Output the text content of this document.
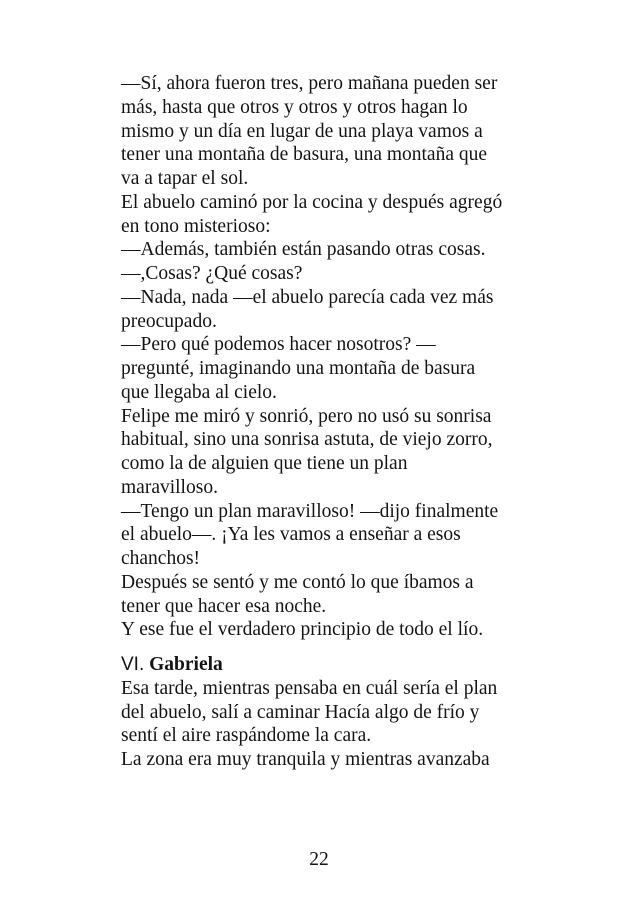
—Sí, ahora fueron tres, pero mañana pueden ser
más, hasta que otros y otros y otros hagan lo
mismo y un día en lugar de una playa vamos a
tener una montaña de basura, una montaña que
va a tapar el sol.
El abuelo caminó por la cocina y después agregó
en tono misterioso:
—Además, también están pasando otras cosas.
—,Cosas? ¿Qué cosas?
—Nada, nada —el abuelo parecía cada vez más
preocupado.
—Pero qué podemos hacer nosotros? —
pregunté, imaginando una montaña de basura
que llegaba al cielo.
Felipe me miró y sonrió, pero no usó su sonrisa
habitual, sino una sonrisa astuta, de viejo zorro,
como la de alguien que tiene un plan
maravilloso.
—Tengo un plan maravilloso! —dijo finalmente
el abuelo—. ¡Ya les vamos a enseñar a esos
chanchos!
Después se sentó y me contó lo que íbamos a
tener que hacer esa noche.
Y ese fue el verdadero principio de todo el lío.
VI. Gabriela
Esa tarde, mientras pensaba en cuál sería el plan
del abuelo, salí a caminar Hacía algo de frío y
sentí el aire raspándome la cara.
La zona era muy tranquila y mientras avanzaba
22
